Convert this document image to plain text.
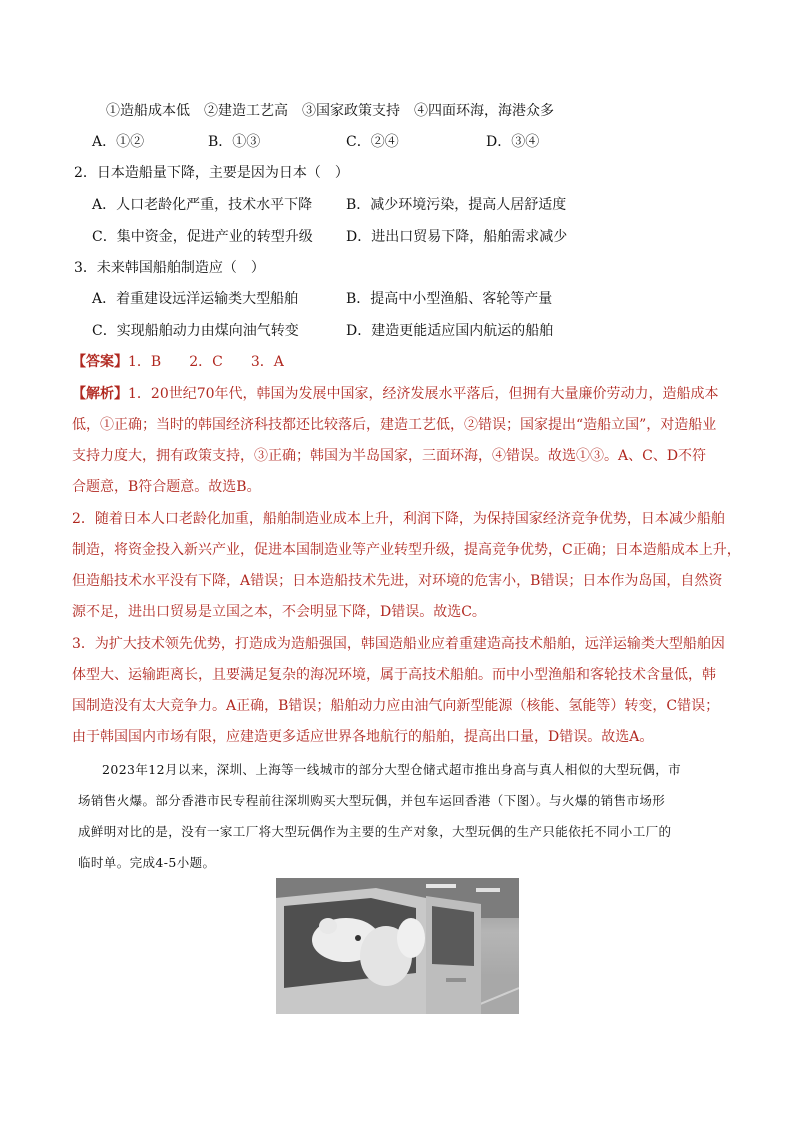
①造船成本低　②建造工艺高　③国家政策支持　④四面环海，海港众多
A．①②	B．①③	C．②④	D．③④
2．日本造船量下降，主要是因为日本（　）
A．人口老龄化严重，技术水平下降 B．减少环境污染，提高人居舒适度
C．集中资金，促进产业的转型升级 D．进出口贸易下降，船舶需求减少
3．未来韩国船舶制造应（　）
A．着重建设远洋运输类大型船舶	B．提高中小型渔船、客轮等产量
C．实现船舶动力由煤向油气转变	D．建造更能适应国内航运的船舶
【答案】1．B　　2．C　　3．A
【解析】1．20世纪70年代，韩国为发展中国家，经济发展水平落后，但拥有大量廉价劳动力，造船成本
低，①正确；当时的韩国经济科技都还比较落后，建造工艺低，②错误；国家提出“造船立国”，对造船业
支持力度大，拥有政策支持，③正确；韩国为半岛国家，三面环海，④错误。故选①③。A、C、D不符
合题意，B符合题意。故选B。
2．随着日本人口老龄化加重，船舶制造业成本上升，利润下降，为保持国家经济竞争优势，日本减少船舶
制造，将资金投入新兴产业，促进本国制造业等产业转型升级，提高竞争优势，C正确；日本造船成本上升，
但造船技术水平没有下降，A错误；日本造船技术先进，对环境的危害小，B错误；日本作为岛国，自然资
源不足，进出口贸易是立国之本，不会明显下降，D错误。故选C。
3．为扩大技术领先优势，打造成为造船强国，韩国造船业应着重建造高技术船舶，远洋运输类大型船舶因
体型大、运输距离长，且要满足复杂的海况环境，属于高技术船舶。而中小型渔船和客轮技术含量低，韩
国制造没有太大竞争力。A正确，B错误；船舶动力应由油气向新型能源（核能、氢能等）转变，C错误；
由于韩国国内市场有限，应建造更多适应世界各地航行的船舶，提高出口量，D错误。故选A。
2023年12月以来，深圳、上海等一线城市的部分大型仓储式超市推出身高与真人相似的大型玩偶，市
场销售火爆。部分香港市民专程前往深圳购买大型玩偶，并包车运回香港（下图）。与火爆的销售市场形
成鲜明对比的是，没有一家工厂将大型玩偶作为主要的生产对象，大型玩偶的生产只能依托不同小工厂的
临时单。完成4-5小题。
